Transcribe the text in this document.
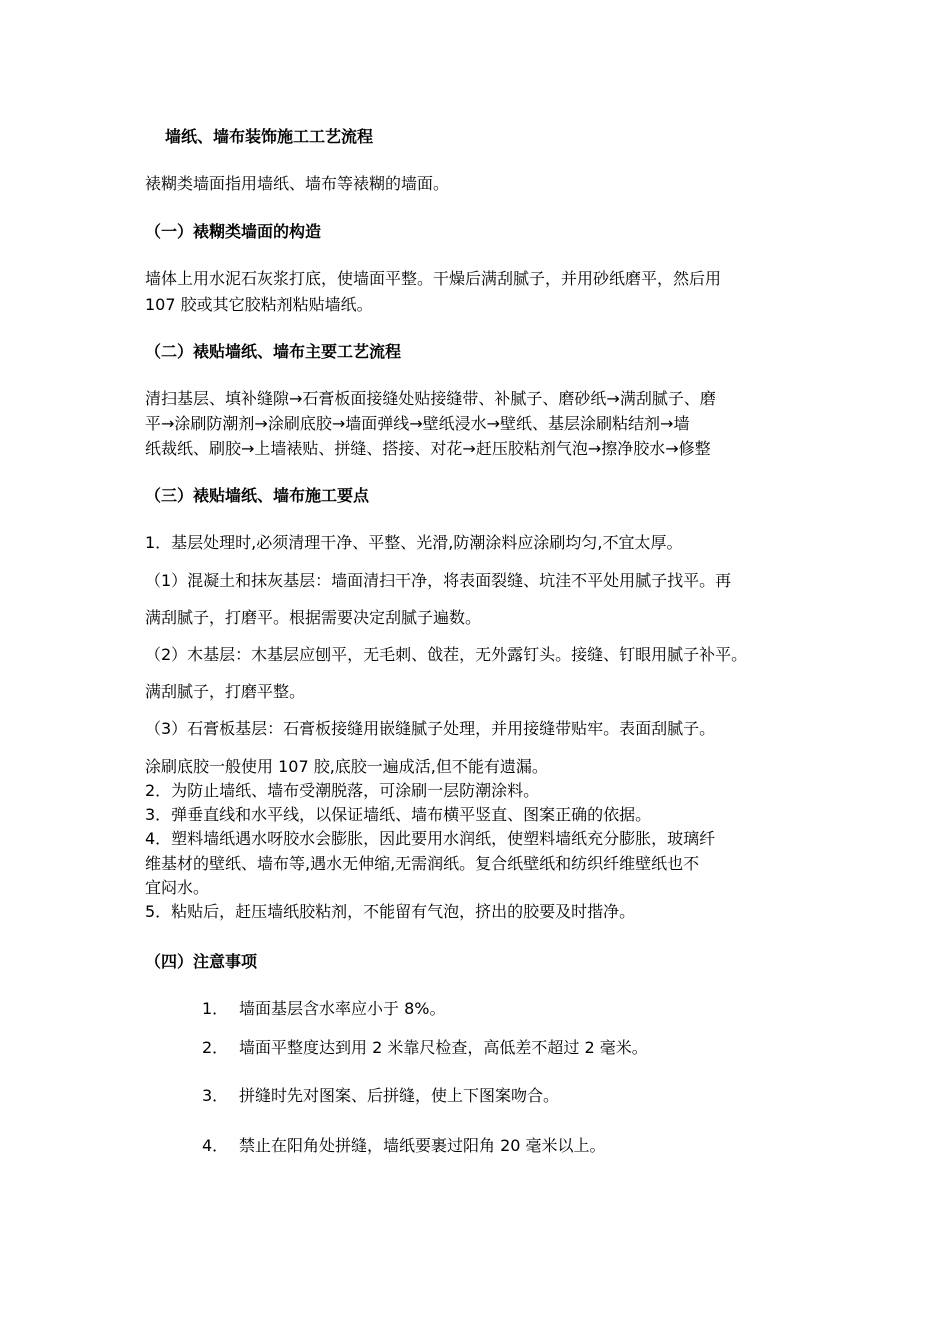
墙纸、墙布装饰施工工艺流程
裱糊类墙面指用墙纸、墙布等裱糊的墙面。
（一）裱糊类墙面的构造
墙体上用水泥石灰浆打底，使墙面平整。干燥后满刮腻子，并用砂纸磨平，然后用
107 胶或其它胶粘剂粘贴墙纸。
（二）裱贴墙纸、墙布主要工艺流程
清扫基层、填补缝隙→石膏板面接缝处贴接缝带、补腻子、磨砂纸→满刮腻子、磨
平→涂刷防潮剂→涂刷底胶→墙面弹线→壁纸浸水→壁纸、基层涂刷粘结剂→墙
纸裁纸、刷胶→上墙裱贴、拼缝、搭接、对花→赶压胶粘剂气泡→擦净胶水→修整
（三）裱贴墙纸、墙布施工要点
1．基层处理时,必须清理干净、平整、光滑,防潮涂料应涂刷均匀,不宜太厚。
（1）混凝土和抹灰基层：墙面清扫干净，将表面裂缝、坑洼不平处用腻子找平。再
满刮腻子，打磨平。根据需要决定刮腻子遍数。
（2）木基层：木基层应刨平，无毛刺、戗茬，无外露钉头。接缝、钉眼用腻子补平。
满刮腻子，打磨平整。
（3）石膏板基层：石膏板接缝用嵌缝腻子处理，并用接缝带贴牢。表面刮腻子。
涂刷底胶一般使用 107 胶,底胶一遍成活,但不能有遗漏。
2．为防止墙纸、墙布受潮脱落，可涂刷一层防潮涂料。
3．弹垂直线和水平线，以保证墙纸、墙布横平竖直、图案正确的依据。
4．塑料墙纸遇水呀胶水会膨胀，因此要用水润纸，使塑料墙纸充分膨胀，玻璃纤
维基材的壁纸、墙布等,遇水无伸缩,无需润纸。复合纸壁纸和纺织纤维壁纸也不
宜闷水。
5．粘贴后，赶压墙纸胶粘剂，不能留有气泡，挤出的胶要及时揩净。
（四）注意事项
1． 墙面基层含水率应小于 8%。
2． 墙面平整度达到用 2 米靠尺检查，高低差不超过 2 毫米。
3． 拼缝时先对图案、后拼缝，使上下图案吻合。
4． 禁止在阳角处拼缝，墙纸要裹过阳角 20 毫米以上。
